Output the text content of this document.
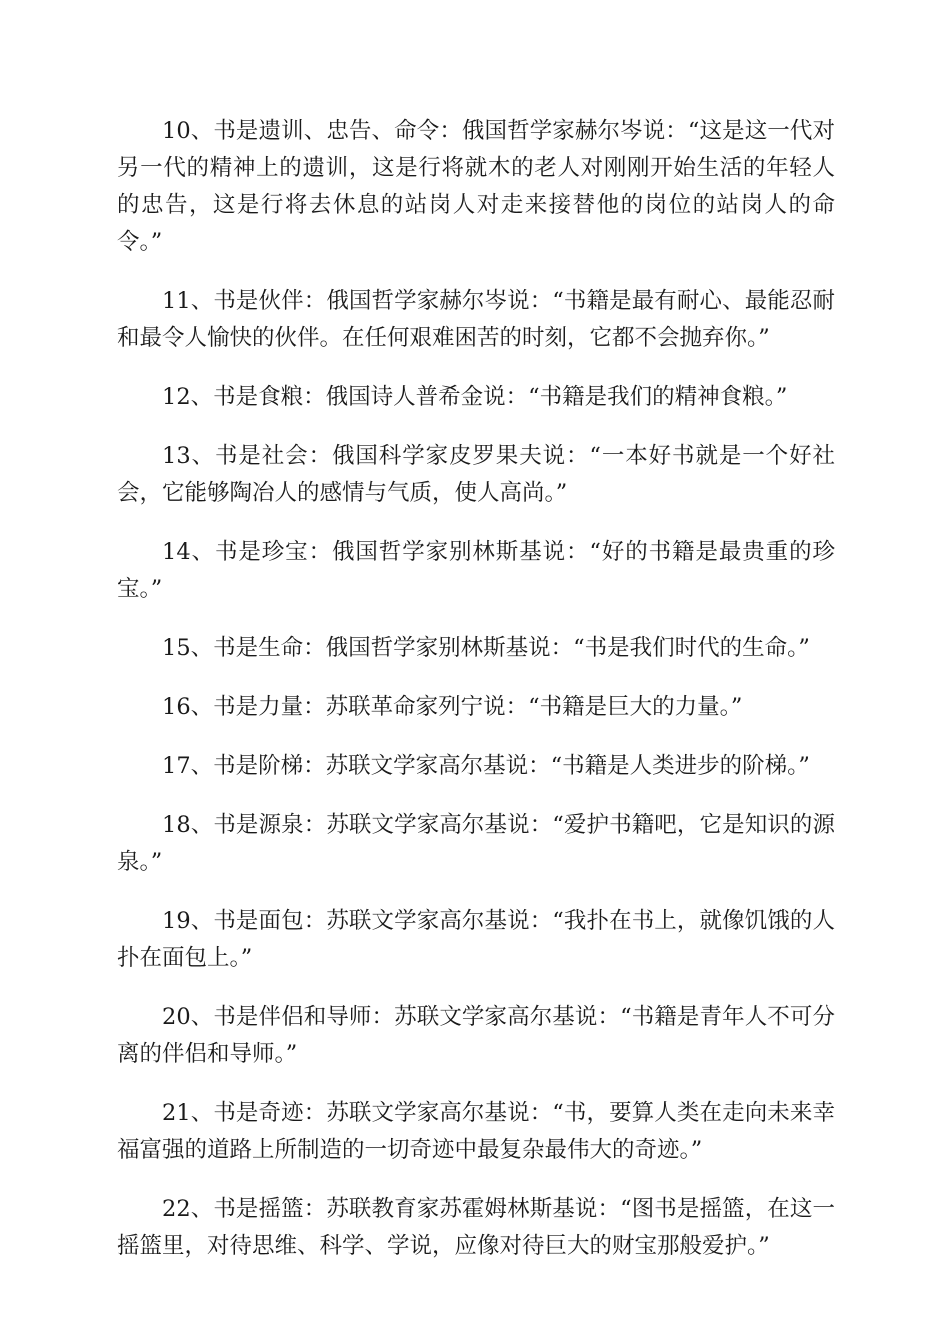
10、书是遗训、忠告、命令：俄国哲学家赫尔岑说：“这是这一代对另一代的精神上的遗训，这是行将就木的老人对刚刚开始生活的年轻人的忠告，这是行将去休息的站岗人对走来接替他的岗位的站岗人的命令。”

11、书是伙伴：俄国哲学家赫尔岑说：“书籍是最有耐心、最能忍耐和最令人愉快的伙伴。在任何艰难困苦的时刻，它都不会抛弃你。”

12、书是食粮：俄国诗人普希金说：“书籍是我们的精神食粮。”

13、书是社会：俄国科学家皮罗果夫说：“一本好书就是一个好社会，它能够陶冶人的感情与气质，使人高尚。”

14、书是珍宝：俄国哲学家别林斯基说：“好的书籍是最贵重的珍宝。”

15、书是生命：俄国哲学家别林斯基说：“书是我们时代的生命。”

16、书是力量：苏联革命家列宁说：“书籍是巨大的力量。”

17、书是阶梯：苏联文学家高尔基说：“书籍是人类进步的阶梯。”

18、书是源泉：苏联文学家高尔基说：“爱护书籍吧，它是知识的源泉。”

19、书是面包：苏联文学家高尔基说：“我扑在书上，就像饥饿的人扑在面包上。”

20、书是伴侣和导师：苏联文学家高尔基说：“书籍是青年人不可分离的伴侣和导师。”

21、书是奇迹：苏联文学家高尔基说：“书，要算人类在走向未来幸福富强的道路上所制造的一切奇迹中最复杂最伟大的奇迹。”

22、书是摇篮：苏联教育家苏霍姆林斯基说：“图书是摇篮，在这一摇篮里，对待思维、科学、学说，应像对待巨大的财宝那般爱护。”
